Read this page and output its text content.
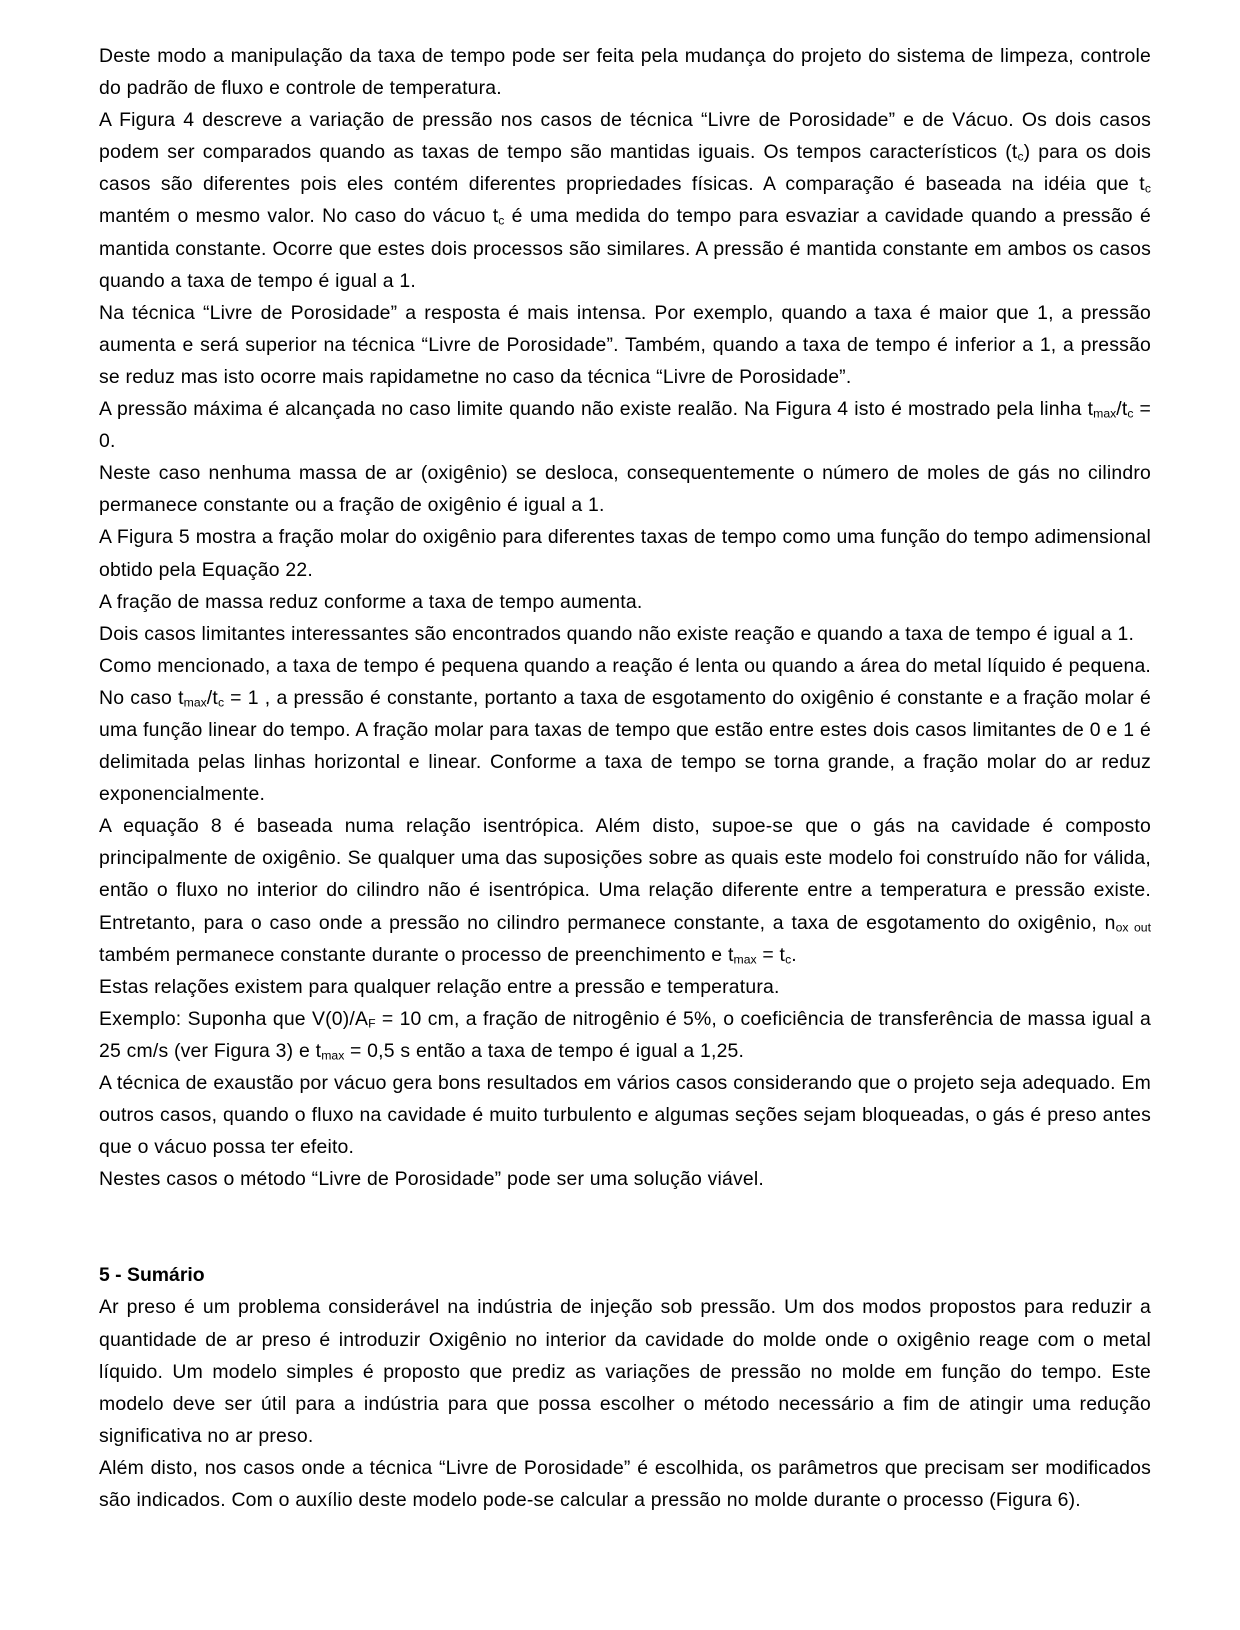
Deste modo a manipulação da taxa de tempo pode ser feita pela mudança do projeto do sistema de limpeza, controle do padrão de fluxo e controle de temperatura.

A Figura 4 descreve a variação de pressão nos casos de técnica “Livre de Porosidade” e de Vácuo. Os dois casos podem ser comparados quando as taxas de tempo são mantidas iguais. Os tempos característicos $(t_c)$ para os dois casos são diferentes pois eles contém diferentes propriedades físicas. A comparação é baseada na idéia que $t_c$ mantém o mesmo valor. No caso do vácuo $t_c$ é uma medida do tempo para esvaziar a cavidade quando a pressão é mantida constante. Ocorre que estes dois processos são similares. A pressão é mantida constante em ambos os casos quando a taxa de tempo é igual a 1.

Na técnica “Livre de Porosidade” a resposta é mais intensa. Por exemplo, quando a taxa é maior que 1, a pressão aumenta e será superior na técnica “Livre de Porosidade”. Também, quando a taxa de tempo é inferior a 1, a pressão se reduz mas isto ocorre mais rapidametne no caso da técnica “Livre de Porosidade”.

A pressão máxima é alcançada no caso limite quando não existe realão. Na Figura 4 isto é mostrado pela linha $t_{max}/t_c = 0$.

Neste caso nenhuma massa de ar (oxigênio) se desloca, consequentemente o número de moles de gás no cilindro permanece constante ou a fração de oxigênio é igual a 1.

A Figura 5 mostra a fração molar do oxigênio para diferentes taxas de tempo como uma função do tempo adimensional obtido pela Equação 22.

A fração de massa reduz conforme a taxa de tempo aumenta.

Dois casos limitantes interessantes são encontrados quando não existe reação e quando a taxa de tempo é igual a 1.

Como mencionado, a taxa de tempo é pequena quando a reação é lenta ou quando a área do metal líquido é pequena. No caso $t_{max}/t_c = 1$ , a pressão é constante, portanto a taxa de esgotamento do oxigênio é constante e a fração molar é uma função linear do tempo. A fração molar para taxas de tempo que estão entre estes dois casos limitantes de 0 e 1 é delimitada pelas linhas horizontal e linear. Conforme a taxa de tempo se torna grande, a fração molar do ar reduz exponencialmente.

A equação 8 é baseada numa relação isentrópica. Além disto, supoe-se que o gás na cavidade é composto principalmente de oxigênio. Se qualquer uma das suposições sobre as quais este modelo foi construído não for válida, então o fluxo no interior do cilindro não é isentrópica. Uma relação diferente entre a temperatura e pressão existe. Entretanto, para o caso onde a pressão no cilindro permanece constante, a taxa de esgotamento do oxigênio, $n_{ox out}$ também permanece constante durante o processo de preenchimento e $t_{max} = t_c$.

Estas relações existem para qualquer relação entre a pressão e temperatura.

Exemplo: Suponha que $V(0)/A_F = 10$ cm, a fração de nitrogênio é 5%, o coeficiência de transferência de massa igual a 25 cm/s (ver Figura 3) e $t_{max} = 0,5$ s então a taxa de tempo é igual a 1,25.

A técnica de exaustão por vácuo gera bons resultados em vários casos considerando que o projeto seja adequado. Em outros casos, quando o fluxo na cavidade é muito turbulento e algumas seções sejam bloqueadas, o gás é preso antes que o vácuo possa ter efeito.

Nestes casos o método “Livre de Porosidade” pode ser uma solução viável.

5 - Sumário

Ar preso é um problema considerável na indústria de injeção sob pressão. Um dos modos propostos para reduzir a quantidade de ar preso é introduzir Oxigênio no interior da cavidade do molde onde o oxigênio reage com o metal líquido. Um modelo simples é proposto que prediz as variações de pressão no molde em função do tempo. Este modelo deve ser útil para a indústria para que possa escolher o método necessário a fim de atingir uma redução significativa no ar preso.

Além disto, nos casos onde a técnica “Livre de Porosidade” é escolhida, os parâmetros que precisam ser modificados são indicados. Com o auxílio deste modelo pode-se calcular a pressão no molde durante o processo (Figura 6).
